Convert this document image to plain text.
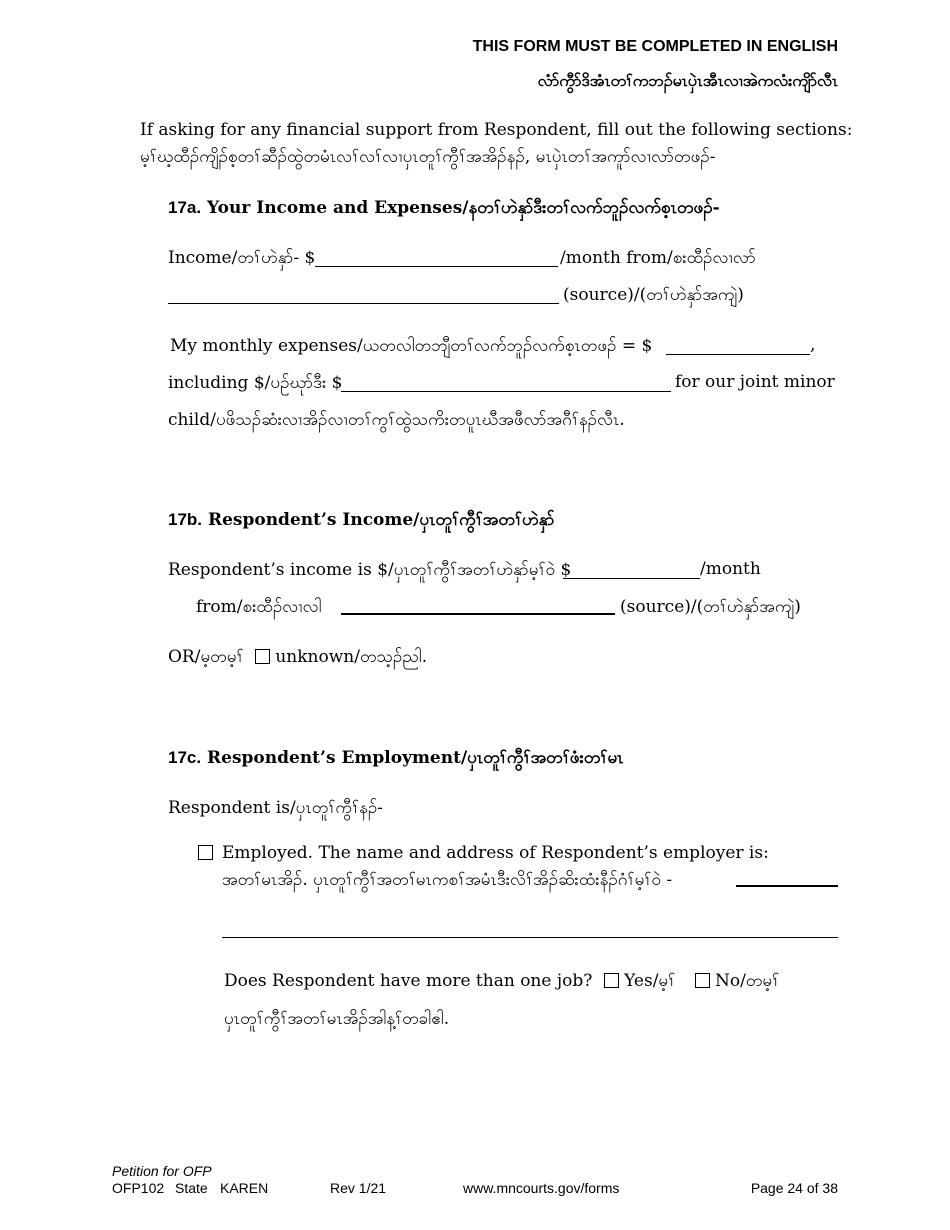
THIS FORM MUST BE COMPLETED IN ENGLISH
လံာ်ကွီာ်ဒိအံၤတၢ်ကဘၣ်မၤပှဲၤအီၤလၢအဲကလံးကျိာ်လီၤ
If asking for any financial support from Respondent, fill out the following sections:
မ့ၢ်ဃ့ထီၣ်ကျိၣ်စ့တၢ်ဆီၣ်ထွဲတမံၤလၢ်လၢ်လၢပှၤတူၢ်ကွီၢ်အအိၣ်နၣ်, မၤပှဲၤတၢ်အကူာ်လၢလာ်တဖၣ်-
17a. Your Income and Expenses/နတၢ်ဟဲနှာ်ဒီးတၢ်လက်ဘူၣ်လက်စ့ၤတဖၣ်-
Income/တၢ်ဟဲနှာ်- $	/month from/စးထီၣ်လၢလာ်
(source)/(တၢ်ဟဲနှာ်အကျဲ)
My monthly expenses/ယတလါတဘျီတၢ်လက်ဘူၣ်လက်စ့ၤတဖၣ် = $	,
including $/ပဉ်ဃုာ်ဒီး $	for our joint minor
child/ပဖိသၣ်ဆံးလၢအိၣ်လၢတၢ်ကွၢ်ထွဲသကိးတပူၤဃီအဖီလာ်အဂီၢ်နၣ်လီၤ.
17b. Respondent’s Income/ပှၤတူၢ်ကွီၢ်အတၢ်ဟဲနှာ်
Respondent’s income is $/ပှၤတူၢ်ကွီၢ်အတၢ်ဟဲနှာ်မ့ၢ်ဝဲ $	/month
from/စးထီၣ်လၢလါ	(source)/(တၢ်ဟဲနှာ်အကျဲ)
OR/မ့တမ့ၢ် unknown/တသ့ၣ်ညါ.
17c. Respondent’s Employment/ပှၤတူၢ်ကွီၢ်အတၢ်ဖံးတၢ်မၤ
Respondent is/ပှၤတူၢ်ကွီၢ်နၣ်-
Employed. The name and address of Respondent’s employer is:
အတၢ်မၤအိၣ်. ပှၤတူၢ်ကွီၢ်အတၢ်မၤကစၢ်အမံၤဒီးလိၢ်အိၣ်ဆိးထံးနီၣ်ဂံၢ်မ့ၢ်ဝဲ -
Does Respondent have more than one job? Yes/မ့ၢ် No/တမ့ၢ်
ပှၤတူၢ်ကွီၢ်အတၢ်မၤအိၣ်အါန့ၢ်တခါဧါ.
Petition for OFP
OFP102 State KAREN	Rev 1/21	www.mncourts.gov/forms	Page 24 of 38
